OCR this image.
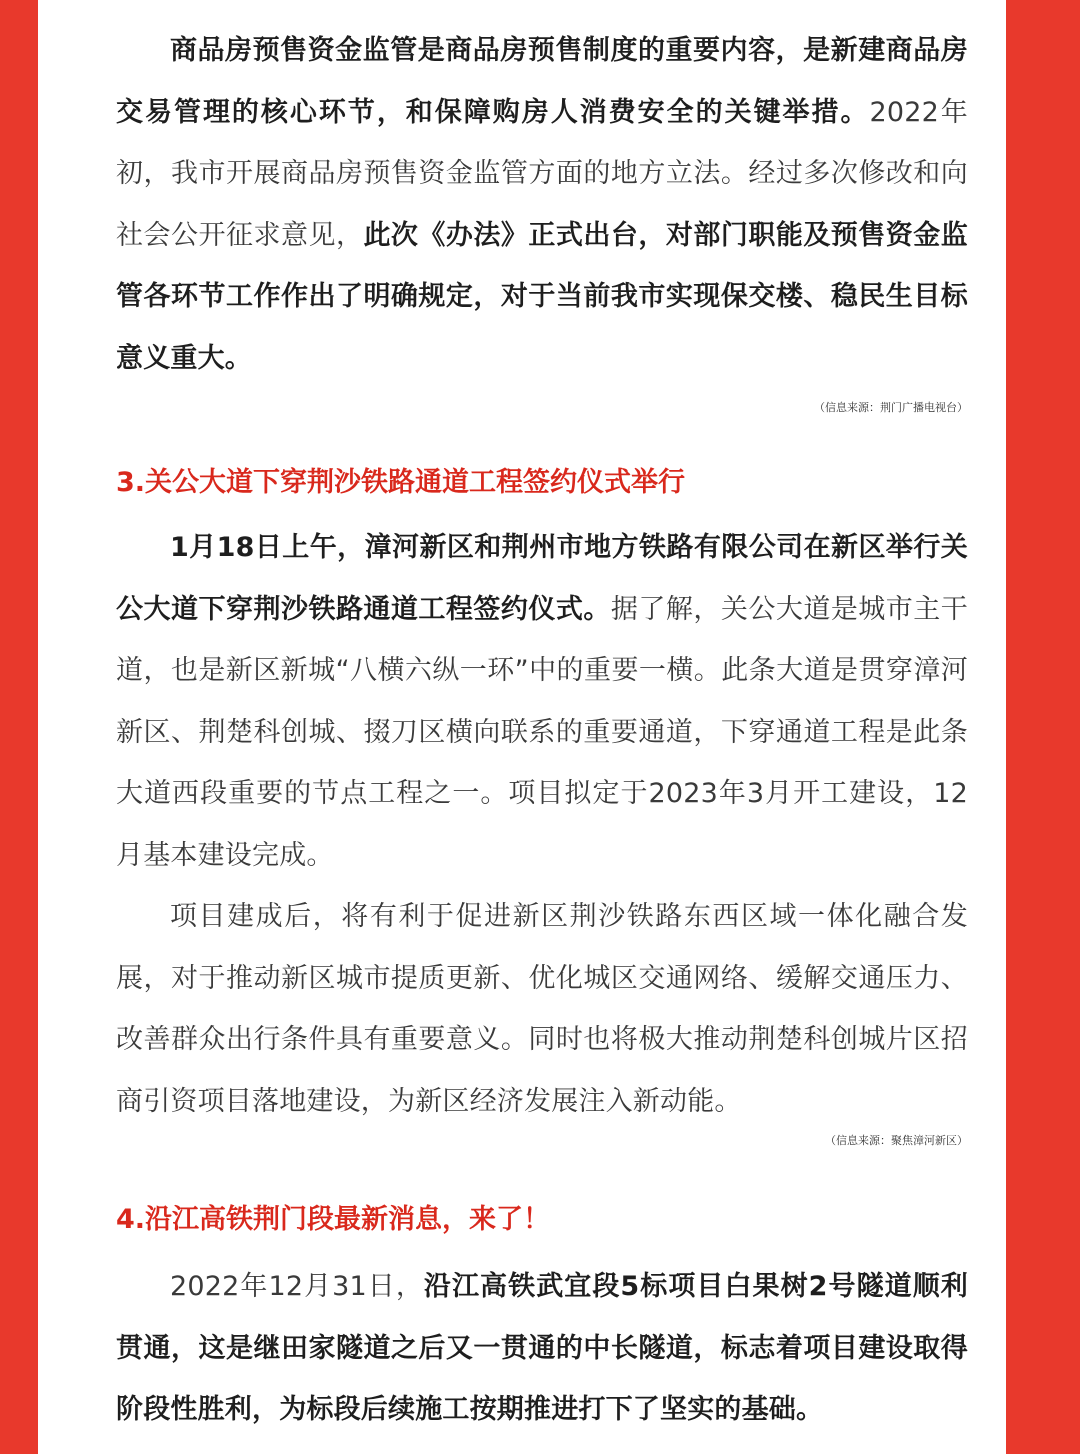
商品房预售资金监管是商品房预售制度的重要内容，是新建商品房交易管理的核心环节，和保障购房人消费安全的关键举措。2022年初，我市开展商品房预售资金监管方面的地方立法。经过多次修改和向社会公开征求意见，此次《办法》正式出台，对部门职能及预售资金监管各环节工作作出了明确规定，对于当前我市实现保交楼、稳民生目标意义重大。

（信息来源：荆门广播电视台）

3.关公大道下穿荆沙铁路通道工程签约仪式举行

1月18日上午，漳河新区和荆州市地方铁路有限公司在新区举行关公大道下穿荆沙铁路通道工程签约仪式。据了解，关公大道是城市主干道，也是新区新城“八横六纵一环”中的重要一横。此条大道是贯穿漳河新区、荆楚科创城、掇刀区横向联系的重要通道，下穿通道工程是此条大道西段重要的节点工程之一。项目拟定于2023年3月开工建设，12月基本建设完成。

项目建成后，将有利于促进新区荆沙铁路东西区域一体化融合发展，对于推动新区城市提质更新、优化城区交通网络、缓解交通压力、改善群众出行条件具有重要意义。同时也将极大推动荆楚科创城片区招商引资项目落地建设，为新区经济发展注入新动能。

（信息来源：聚焦漳河新区）

4.沿江高铁荆门段最新消息，来了！

2022年12月31日，沿江高铁武宜段5标项目白果树2号隧道顺利贯通，这是继田家隧道之后又一贯通的中长隧道，标志着项目建设取得阶段性胜利，为标段后续施工按期推进打下了坚实的基础。
